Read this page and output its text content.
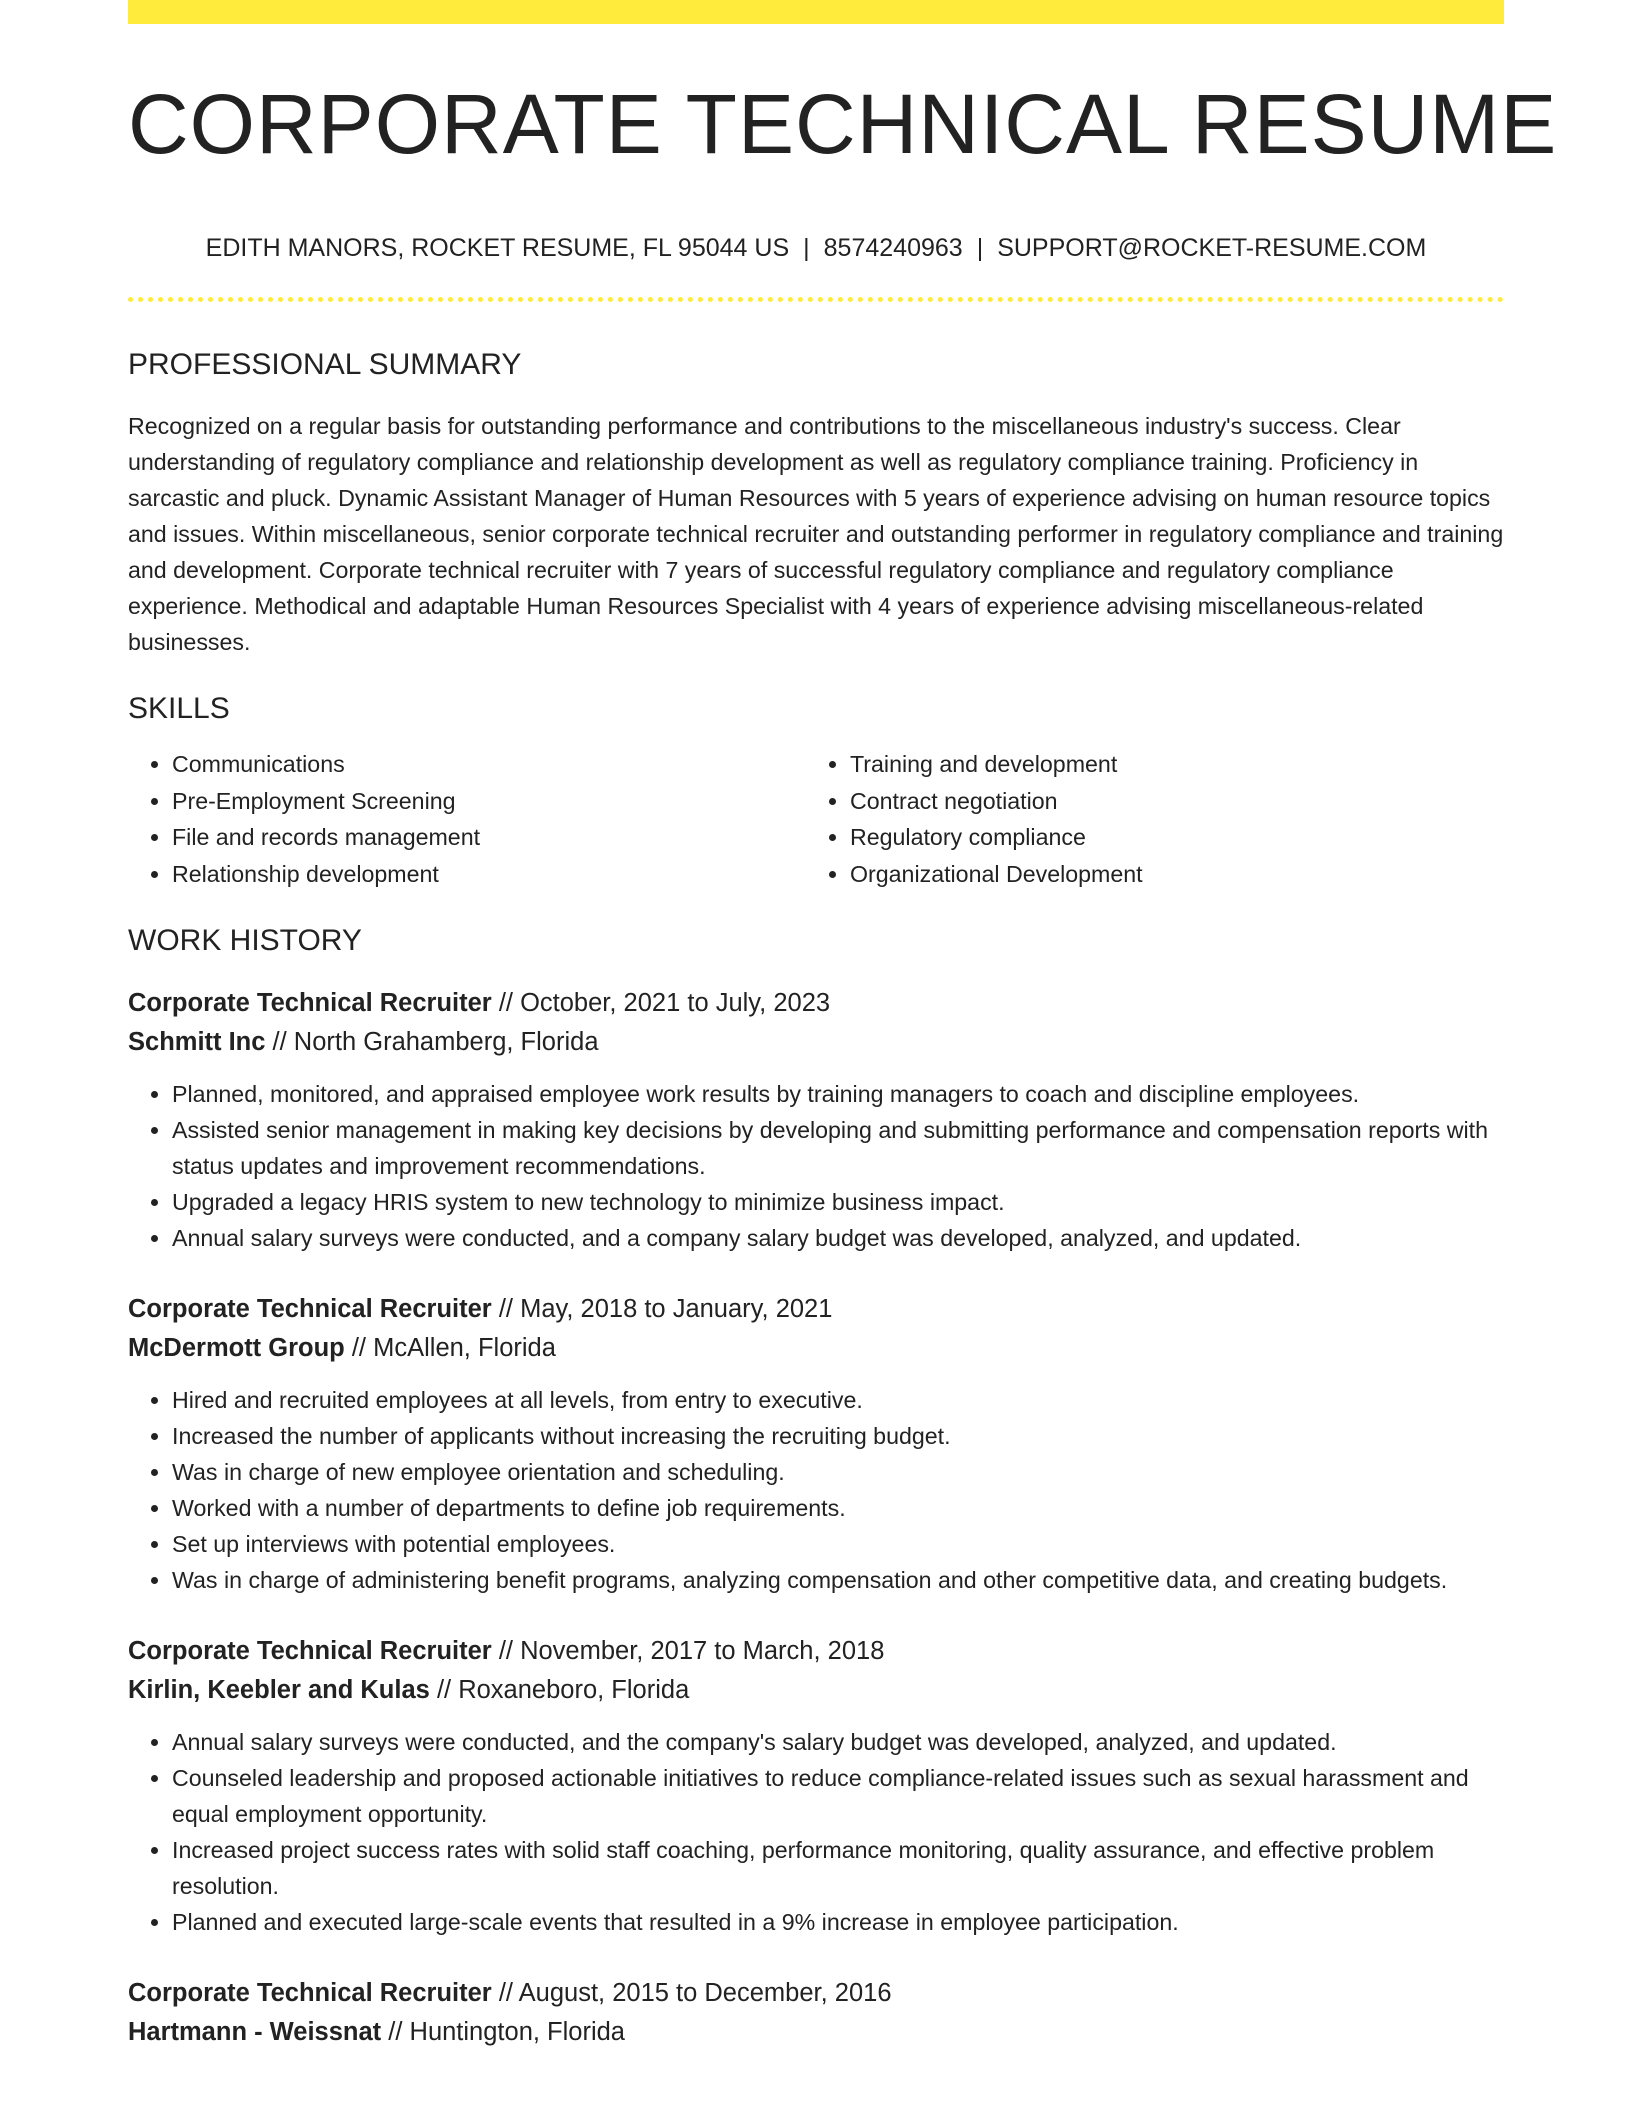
CORPORATE TECHNICAL RESUME
EDITH MANORS, ROCKET RESUME, FL 95044 US | 8574240963 | SUPPORT@ROCKET-RESUME.COM
PROFESSIONAL SUMMARY

Recognized on a regular basis for outstanding performance and contributions to the miscellaneous industry's success. Clear understanding of regulatory compliance and relationship development as well as regulatory compliance training. Proficiency in sarcastic and pluck. Dynamic Assistant Manager of Human Resources with 5 years of experience advising on human resource topics and issues. Within miscellaneous, senior corporate technical recruiter and outstanding performer in regulatory compliance and training and development. Corporate technical recruiter with 7 years of successful regulatory compliance and regulatory compliance experience. Methodical and adaptable Human Resources Specialist with 4 years of experience advising miscellaneous-related businesses.

SKILLS
• Communications
• Pre-Employment Screening
• File and records management
• Relationship development
• Training and development
• Contract negotiation
• Regulatory compliance
• Organizational Development
WORK HISTORY
Corporate Technical Recruiter // October, 2021 to July, 2023
Schmitt Inc // North Grahamberg, Florida
• Planned, monitored, and appraised employee work results by training managers to coach and discipline employees.
• Assisted senior management in making key decisions by developing and submitting performance and compensation reports with status updates and improvement recommendations.
• Upgraded a legacy HRIS system to new technology to minimize business impact.
• Annual salary surveys were conducted, and a company salary budget was developed, analyzed, and updated.
Corporate Technical Recruiter // May, 2018 to January, 2021
McDermott Group // McAllen, Florida
• Hired and recruited employees at all levels, from entry to executive.
• Increased the number of applicants without increasing the recruiting budget.
• Was in charge of new employee orientation and scheduling.
• Worked with a number of departments to define job requirements.
• Set up interviews with potential employees.
• Was in charge of administering benefit programs, analyzing compensation and other competitive data, and creating budgets.
Corporate Technical Recruiter // November, 2017 to March, 2018
Kirlin, Keebler and Kulas // Roxaneboro, Florida
• Annual salary surveys were conducted, and the company's salary budget was developed, analyzed, and updated.
• Counseled leadership and proposed actionable initiatives to reduce compliance-related issues such as sexual harassment and equal employment opportunity.
• Increased project success rates with solid staff coaching, performance monitoring, quality assurance, and effective problem resolution.
• Planned and executed large-scale events that resulted in a 9% increase in employee participation.
Corporate Technical Recruiter // August, 2015 to December, 2016
Hartmann - Weissnat // Huntington, Florida
